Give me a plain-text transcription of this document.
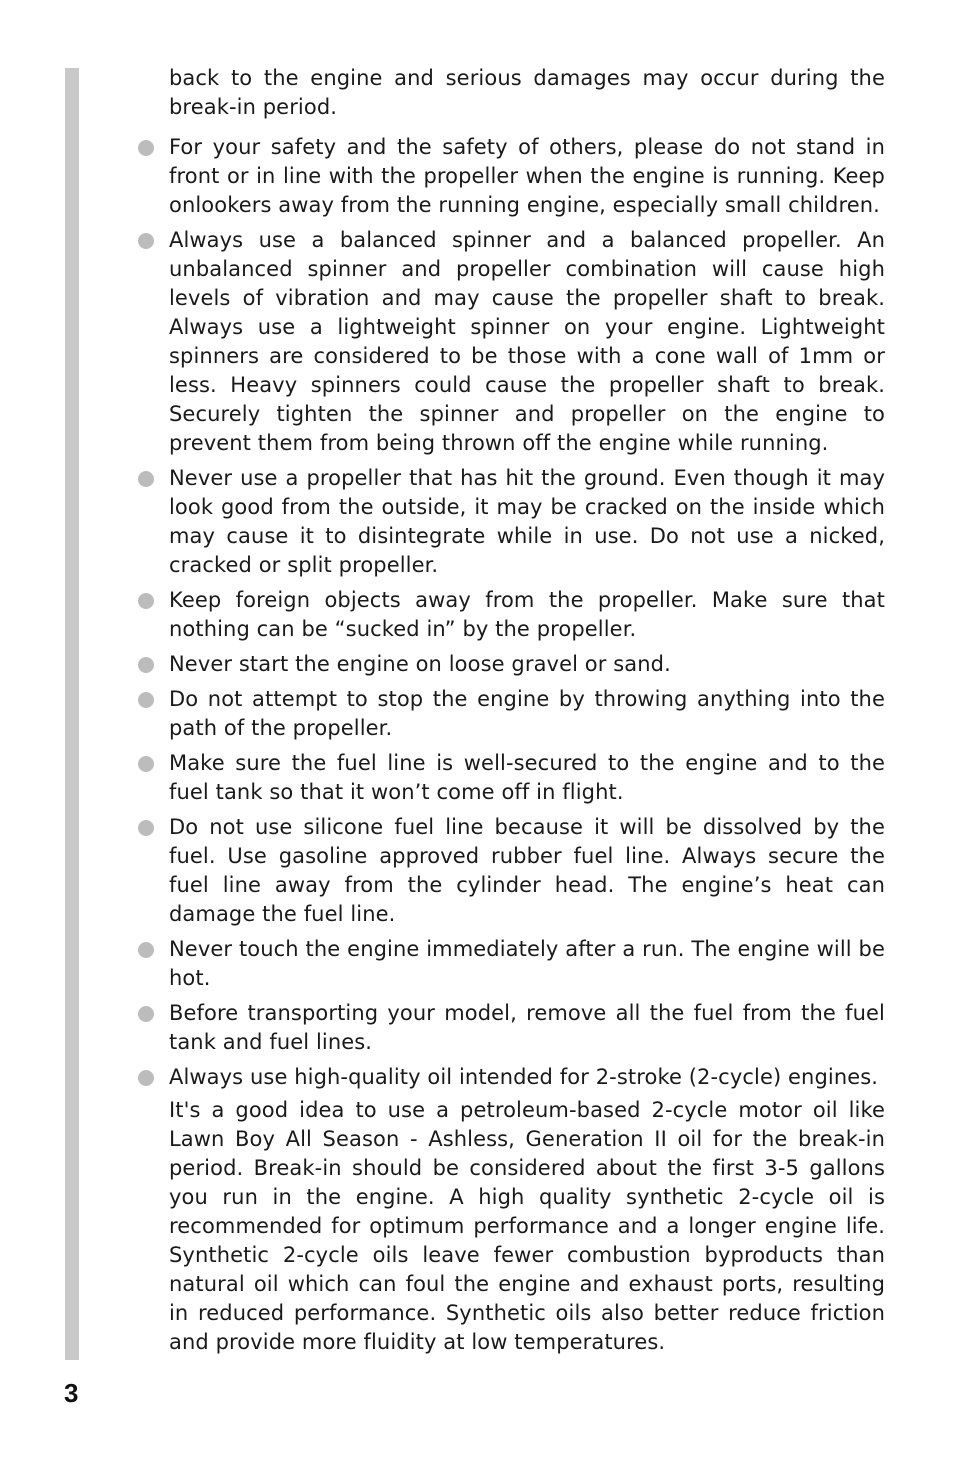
back to the engine and serious damages may occur during the break-in period.

For your safety and the safety of others, please do not stand in front or in line with the propeller when the engine is running. Keep onlookers away from the running engine, especially small children.

Always use a balanced spinner and a balanced propeller. An unbalanced spinner and propeller combination will cause high levels of vibration and may cause the propeller shaft to break. Always use a lightweight spinner on your engine. Lightweight spinners are considered to be those with a cone wall of 1mm or less. Heavy spinners could cause the propeller shaft to break. Securely tighten the spinner and propeller on the engine to prevent them from being thrown off the engine while running.

Never use a propeller that has hit the ground. Even though it may look good from the outside, it may be cracked on the inside which may cause it to disintegrate while in use. Do not use a nicked, cracked or split propeller.

Keep foreign objects away from the propeller. Make sure that nothing can be “sucked in” by the propeller.

Never start the engine on loose gravel or sand.

Do not attempt to stop the engine by throwing anything into the path of the propeller.

Make sure the fuel line is well-secured to the engine and to the fuel tank so that it won’t come off in flight.

Do not use silicone fuel line because it will be dissolved by the fuel. Use gasoline approved rubber fuel line. Always secure the fuel line away from the cylinder head. The engine’s heat can damage the fuel line.

Never touch the engine immediately after a run. The engine will be hot.

Before transporting your model, remove all the fuel from the fuel tank and fuel lines.

Always use high-quality oil intended for 2-stroke (2-cycle) engines.

It's a good idea to use a petroleum-based 2-cycle motor oil like Lawn Boy All Season - Ashless, Generation II oil for the break-in period. Break-in should be considered about the first 3-5 gallons you run in the engine. A high quality synthetic 2-cycle oil is recommended for optimum performance and a longer engine life. Synthetic 2-cycle oils leave fewer combustion byproducts than natural oil which can foul the engine and exhaust ports, resulting in reduced performance. Synthetic oils also better reduce friction and provide more fluidity at low temperatures.

3
